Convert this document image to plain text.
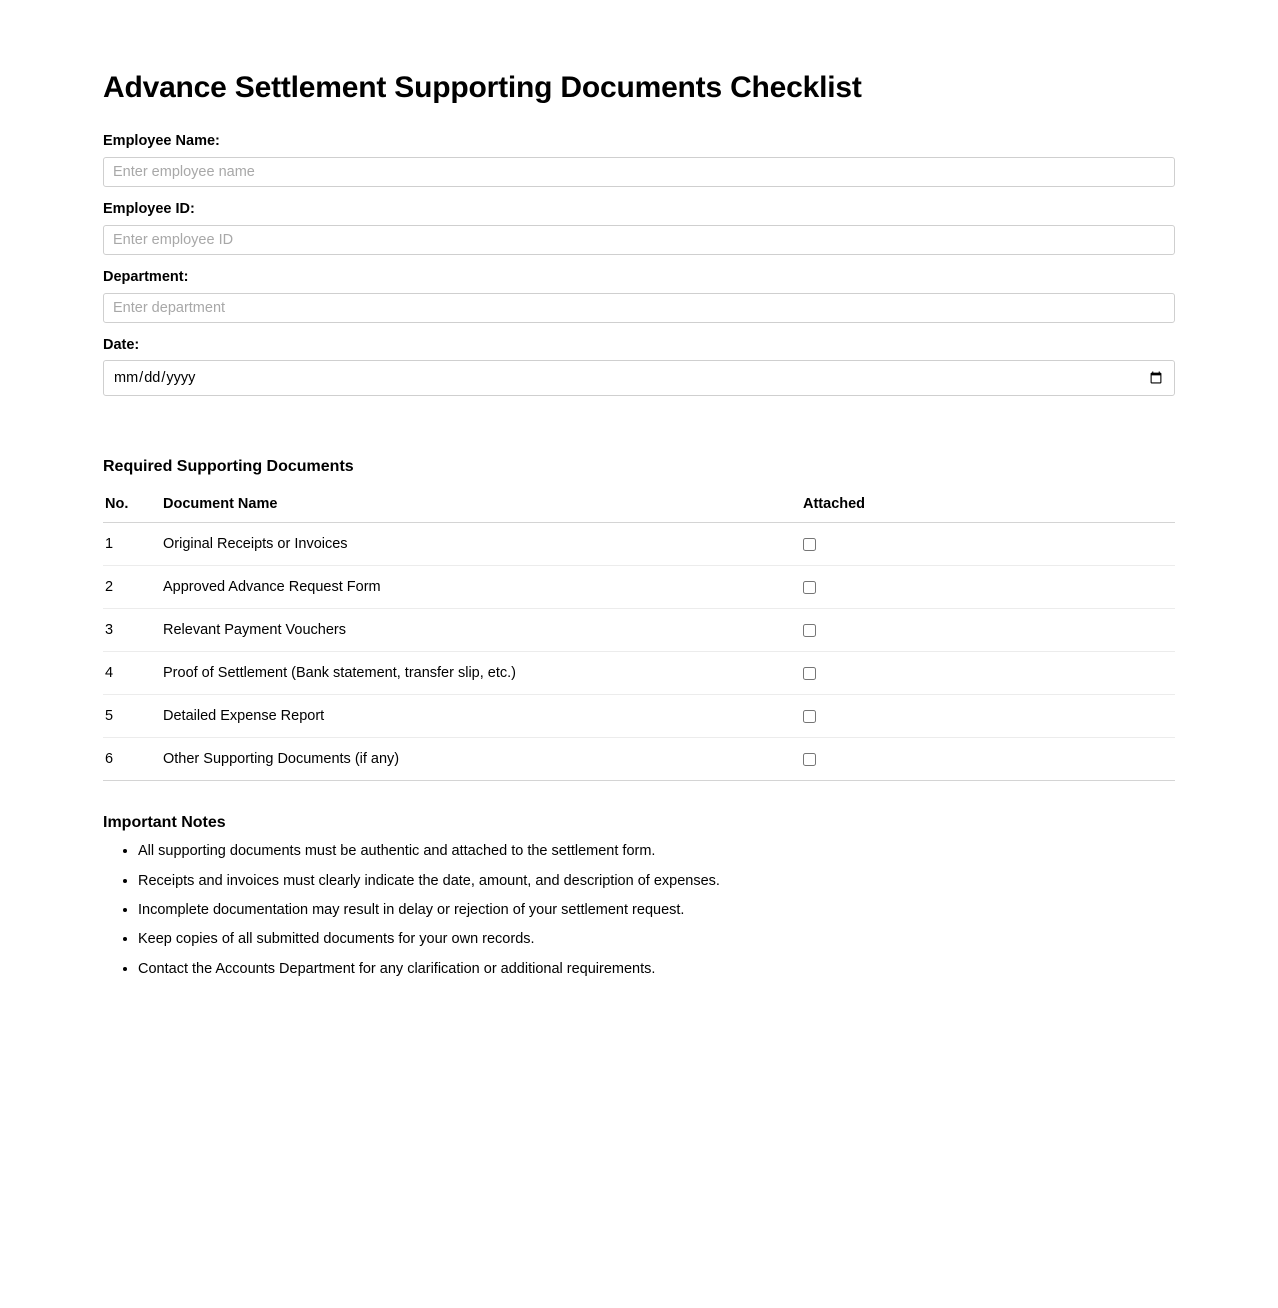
Advance Settlement Supporting Documents Checklist
Employee Name:
Enter employee name
Employee ID:
Enter employee ID
Department:
Enter department
Date:
Required Supporting Documents
No.	Document Name	Attached
1	Original Receipts or Invoices	
2	Approved Advance Request Form	
3	Relevant Payment Vouchers	
4	Proof of Settlement (Bank statement, transfer slip, etc.)	
5	Detailed Expense Report	
6	Other Supporting Documents (if any)	
Important Notes
• All supporting documents must be authentic and attached to the settlement form.
• Receipts and invoices must clearly indicate the date, amount, and description of expenses.
• Incomplete documentation may result in delay or rejection of your settlement request.
• Keep copies of all submitted documents for your own records.
• Contact the Accounts Department for any clarification or additional requirements.
